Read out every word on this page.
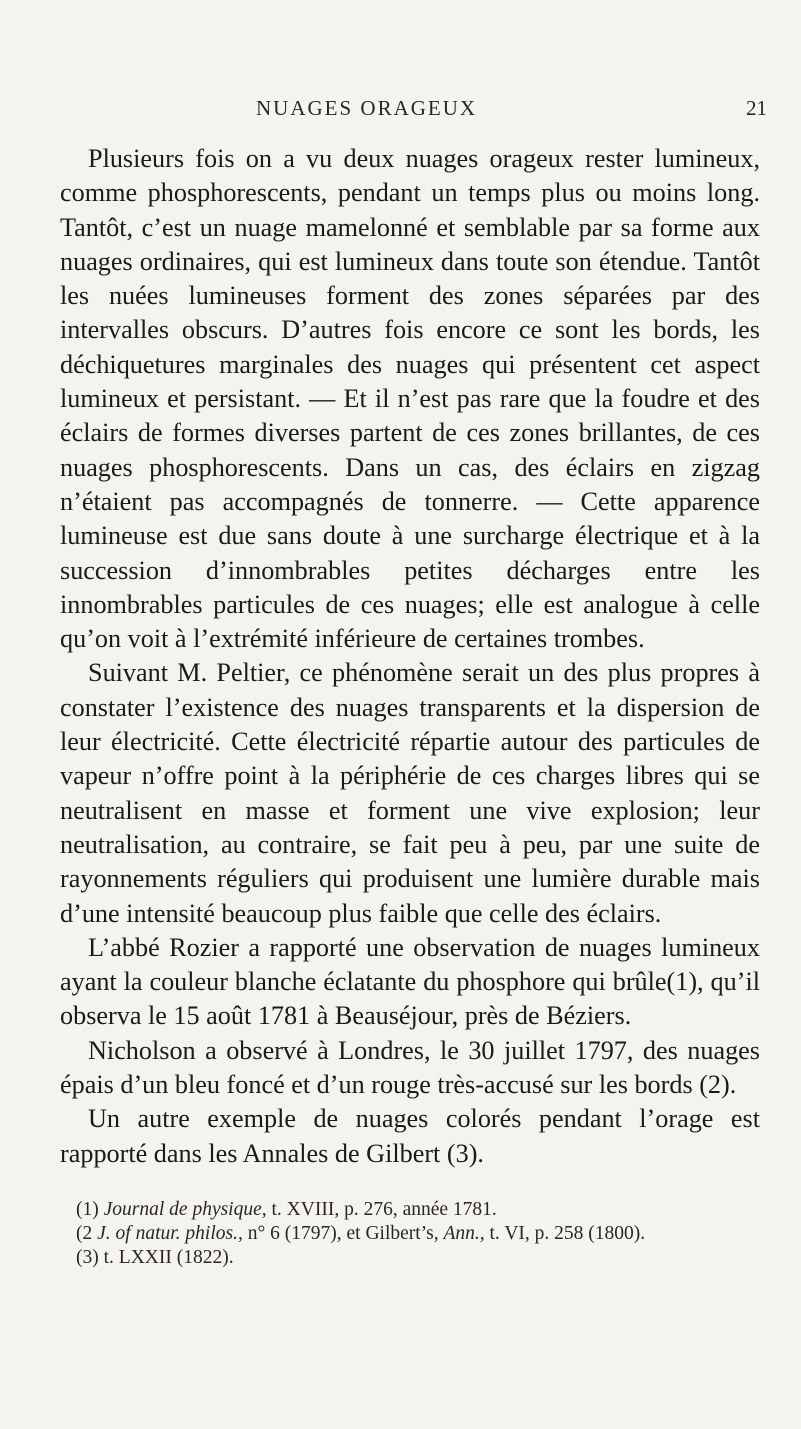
NUAGES ORAGEUX	21

Plusieurs fois on a vu deux nuages orageux rester lumineux, comme phosphorescents, pendant un temps plus ou moins long. Tantôt, c’est un nuage mamelonné et semblable par sa forme aux nuages ordinaires, qui est lumineux dans toute son étendue. Tantôt les nuées lumineuses forment des zones séparées par des intervalles obscurs. D’autres fois encore ce sont les bords, les déchiquetures marginales des nuages qui présentent cet aspect lumineux et persistant. — Et il n’est pas rare que la foudre et des éclairs de formes diverses partent de ces zones brillantes, de ces nuages phosphorescents. Dans un cas, des éclairs en zigzag n’étaient pas accompagnés de tonnerre. — Cette apparence lumineuse est due sans doute à une surcharge électrique et à la succession d’innombrables petites décharges entre les innombrables particules de ces nuages; elle est analogue à celle qu’on voit à l’extrémité inférieure de certaines trombes.

Suivant M. Peltier, ce phénomène serait un des plus propres à constater l’existence des nuages transparents et la dispersion de leur électricité. Cette électricité répartie autour des particules de vapeur n’offre point à la périphérie de ces charges libres qui se neutralisent en masse et forment une vive explosion; leur neutralisation, au contraire, se fait peu à peu, par une suite de rayonnements réguliers qui produisent une lumière durable mais d’une intensité beaucoup plus faible que celle des éclairs.

L’abbé Rozier a rapporté une observation de nuages lumineux ayant la couleur blanche éclatante du phosphore qui brûle(1), qu’il observa le 15 août 1781 à Beauséjour, près de Béziers.

Nicholson a observé à Londres, le 30 juillet 1797, des nuages épais d’un bleu foncé et d’un rouge très-accusé sur les bords (2).

Un autre exemple de nuages colorés pendant l’orage est rapporté dans les Annales de Gilbert (3).

(1) Journal de physique, t. XVIII, p. 276, année 1781.
(2 J. of natur. philos., n° 6 (1797), et Gilbert’s, Ann., t. VI, p. 258 (1800).
(3) t. LXXII (1822).
